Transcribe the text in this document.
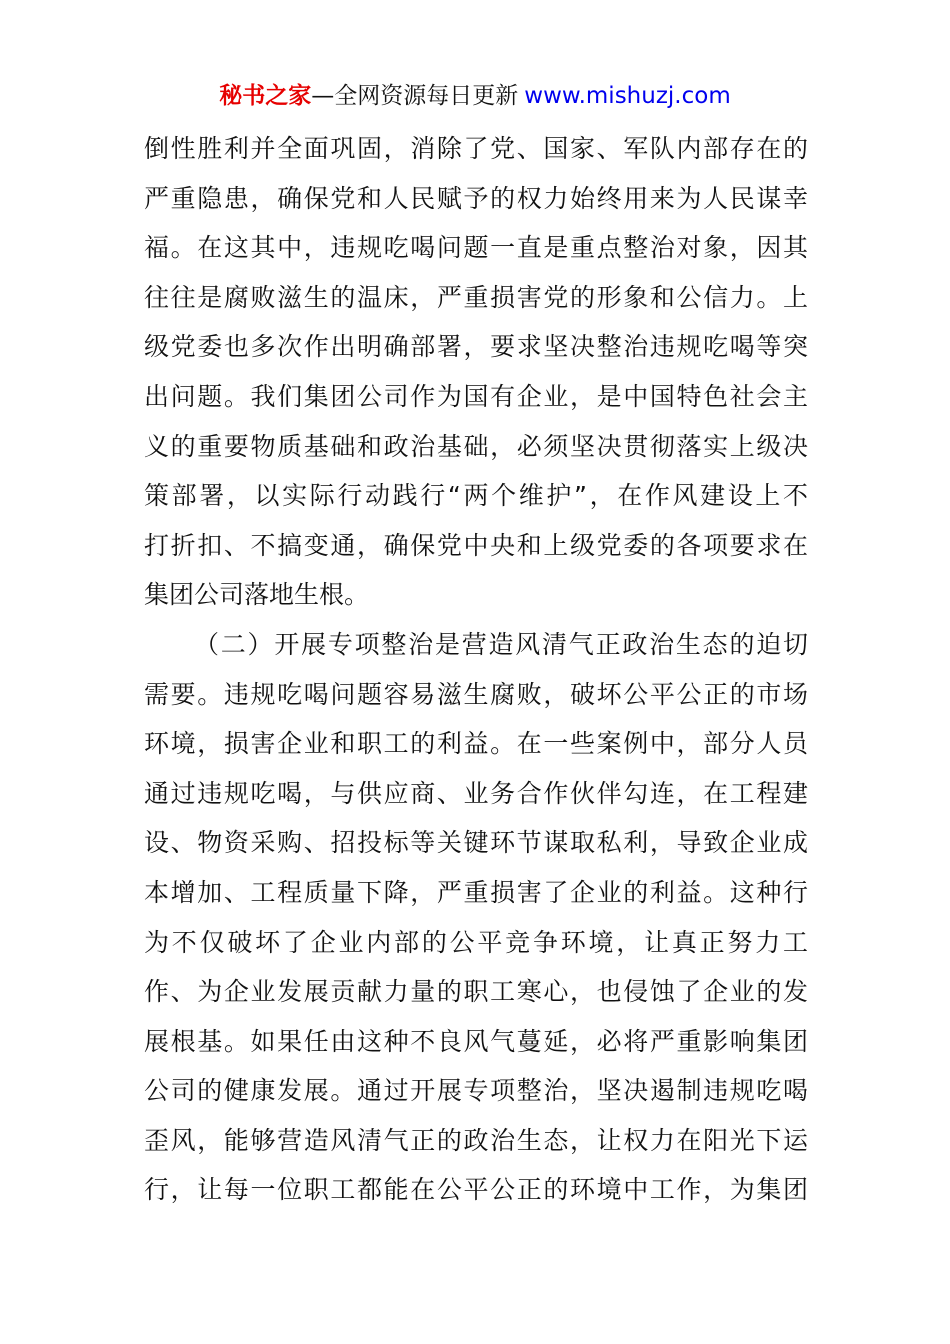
秘书之家—全网资源每日更新 www.mishuzj.com
倒性胜利并全面巩固，消除了党、国家、军队内部存在的
严重隐患，确保党和人民赋予的权力始终用来为人民谋幸
福。在这其中，违规吃喝问题一直是重点整治对象，因其
往往是腐败滋生的温床，严重损害党的形象和公信力。上
级党委也多次作出明确部署，要求坚决整治违规吃喝等突
出问题。我们集团公司作为国有企业，是中国特色社会主
义的重要物质基础和政治基础，必须坚决贯彻落实上级决
策部署，以实际行动践行“两个维护”，在作风建设上不
打折扣、不搞变通，确保党中央和上级党委的各项要求在
集团公司落地生根。
（二）开展专项整治是营造风清气正政治生态的迫切
需要。违规吃喝问题容易滋生腐败，破坏公平公正的市场
环境，损害企业和职工的利益。在一些案例中，部分人员
通过违规吃喝，与供应商、业务合作伙伴勾连，在工程建
设、物资采购、招投标等关键环节谋取私利，导致企业成
本增加、工程质量下降，严重损害了企业的利益。这种行
为不仅破坏了企业内部的公平竞争环境，让真正努力工
作、为企业发展贡献力量的职工寒心，也侵蚀了企业的发
展根基。如果任由这种不良风气蔓延，必将严重影响集团
公司的健康发展。通过开展专项整治，坚决遏制违规吃喝
歪风，能够营造风清气正的政治生态，让权力在阳光下运
行，让每一位职工都能在公平公正的环境中工作，为集团
